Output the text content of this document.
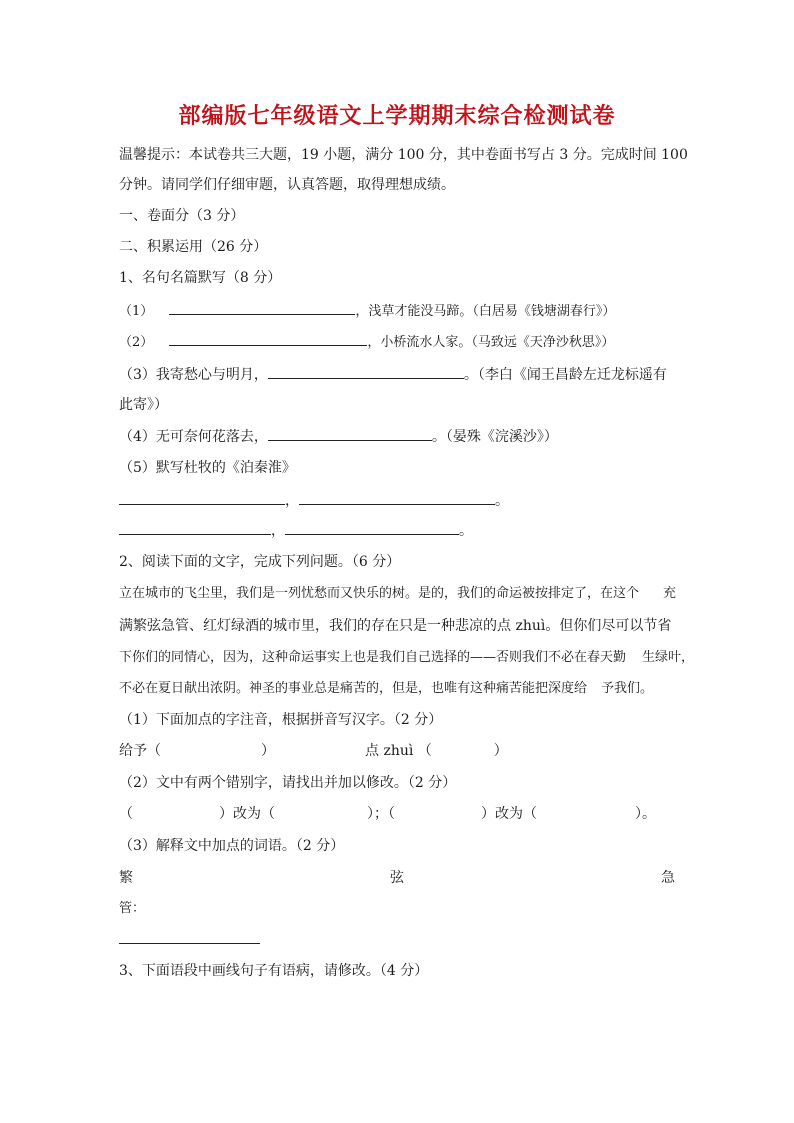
部编版七年级语文上学期期末综合检测试卷
温馨提示：本试卷共三大题，19 小题，满分 100 分，其中卷面书写占 3 分。完成时间 100
分钟。请同学们仔细审题，认真答题，取得理想成绩。
一、卷面分（3 分）
二、积累运用（26 分）
1、名句名篇默写（8 分）
（1）	，浅草才能没马蹄。（白居易《钱塘湖春行》）
（2）	，小桥流水人家。（马致远《天净沙秋思》）
（3）我寄愁心与明月，	。（李白《闻王昌龄左迁龙标遥有
此寄》）
（4）无可奈何花落去，	。（晏殊《浣溪沙》）
（5）默写杜牧的《泊秦淮》
，	。
，	。
2、阅读下面的文字，完成下列问题。（6 分）
立在城市的飞尘里，我们是一列忧愁而又快乐的树。是的，我们的命运被按排定了，在这个 充
满繁弦急管、红灯绿酒的城市里，我们的存在只是一种悲凉的点 zhuì。但你们尽可以节省
下你们的同情心，因为，这种命运事实上也是我们自己选择的——否则我们不必在春天勤 生绿叶，
不必在夏日献出浓阴。神圣的事业总是痛苦的，但是，也唯有这种痛苦能把深度给 予我们。
（1）下面加点的字注音，根据拼音写汉字。（2 分）
给予（	）	点 zhuì （	）
（2）文中有两个错别字，请找出并加以修改。（2 分）
（	）改为（	）；（	）改为（	）。
（3）解释文中加点的词语。（2 分）
繁	弦	急
管：
3、下面语段中画线句子有语病，请修改。（4 分）
